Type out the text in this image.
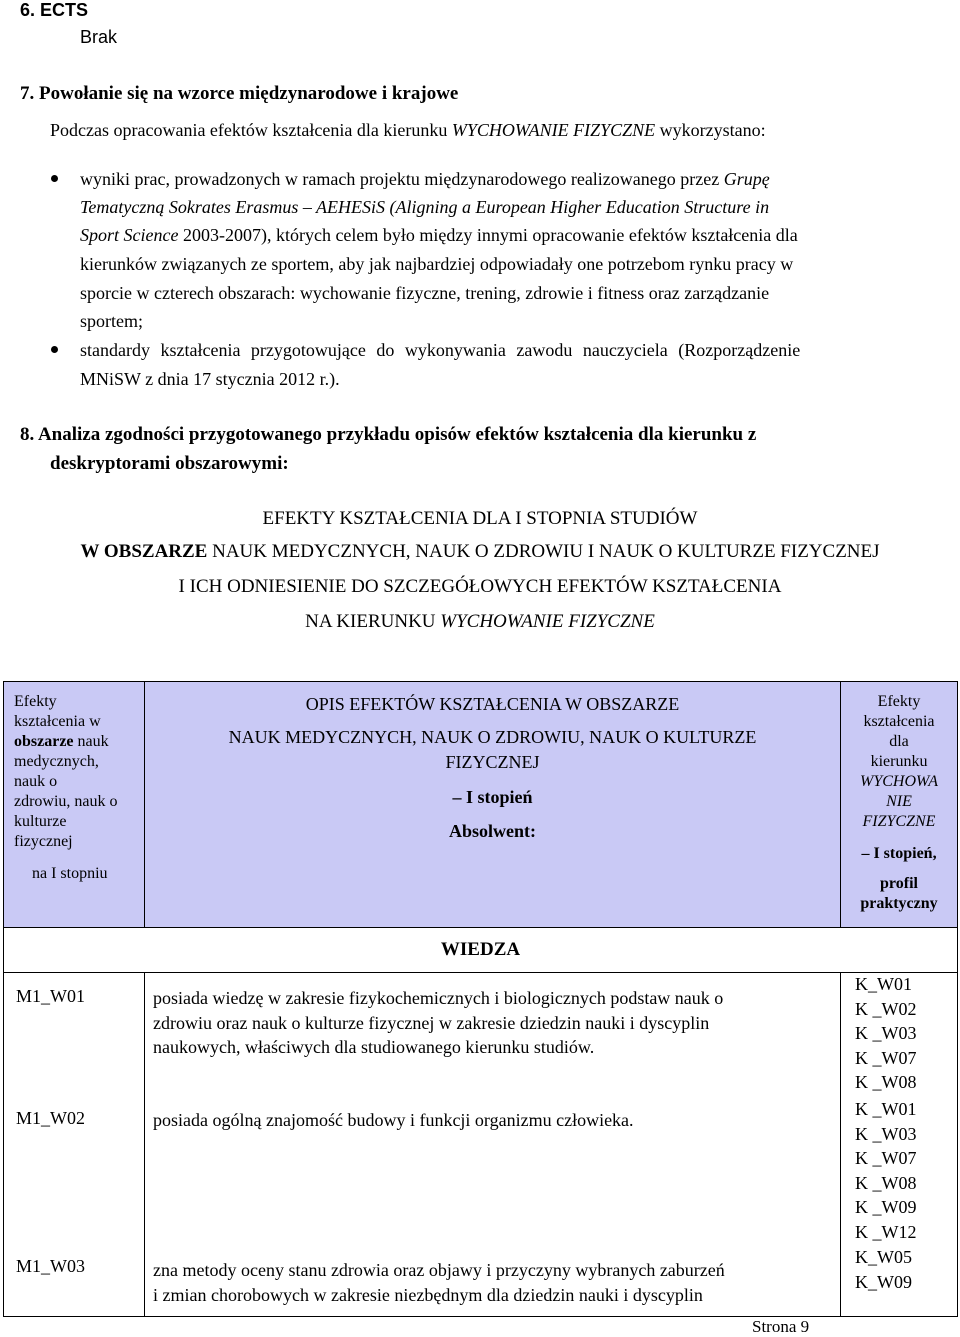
6. ECTS
Brak
7. Powołanie się na wzorce międzynarodowe i krajowe
Podczas opracowania efektów kształcenia dla kierunku WYCHOWANIE FIZYCZNE wykorzystano:
wyniki prac, prowadzonych w ramach projektu międzynarodowego realizowanego przez Grupę
Tematyczną Sokrates Erasmus – AEHESiS (Aligning a European Higher Education Structure in
Sport Science 2003-2007), których celem było między innymi opracowanie efektów kształcenia dla
kierunków związanych ze sportem, aby jak najbardziej odpowiadały one potrzebom rynku pracy w
sporcie w czterech obszarach: wychowanie fizyczne, trening, zdrowie i fitness oraz zarządzanie
sportem;
standardy kształcenia przygotowujące do wykonywania zawodu nauczyciela (Rozporządzenie
MNiSW z dnia 17 stycznia 2012 r.).
8. Analiza zgodności przygotowanego przykładu opisów efektów kształcenia dla kierunku z
deskryptorami obszarowymi:
EFEKTY KSZTAŁCENIA DLA I STOPNIA STUDIÓW
W OBSZARZE NAUK MEDYCZNYCH, NAUK O ZDROWIU I NAUK O KULTURZE FIZYCZNEJ
I ICH ODNIESIENIE DO SZCZEGÓŁOWYCH EFEKTÓW KSZTAŁCENIA
NA KIERUNKU WYCHOWANIE FIZYCZNE
Efekty
kształcenia w
obszarze nauk
medycznych,
nauk o
zdrowiu, nauk o
kulturze
fizycznej
na I stopniu
OPIS EFEKTÓW KSZTAŁCENIA W OBSZARZE
NAUK MEDYCZNYCH, NAUK O ZDROWIU, NAUK O KULTURZE
FIZYCZNEJ
– I stopień
Absolwent:
Efekty
kształcenia
dla
kierunku
WYCHOWA
NIE
FIZYCZNE
– I stopień,
profil
praktyczny
WIEDZA
M1_W01
M1_W02
M1_W03
posiada wiedzę w zakresie fizykochemicznych i biologicznych podstaw nauk o
zdrowiu oraz nauk o kulturze fizycznej w zakresie dziedzin nauki i dyscyplin
naukowych, właściwych dla studiowanego kierunku studiów.
posiada ogólną znajomość budowy i funkcji organizmu człowieka.
zna metody oceny stanu zdrowia oraz objawy i przyczyny wybranych zaburzeń
i zmian chorobowych w zakresie niezbędnym dla dziedzin nauki i dyscyplin
K_W01
K _W02
K _W03
K _W07
K _W08
K _W01
K _W03
K _W07
K _W08
K _W09
K _W12
K_W05
K_W09
Strona 9
